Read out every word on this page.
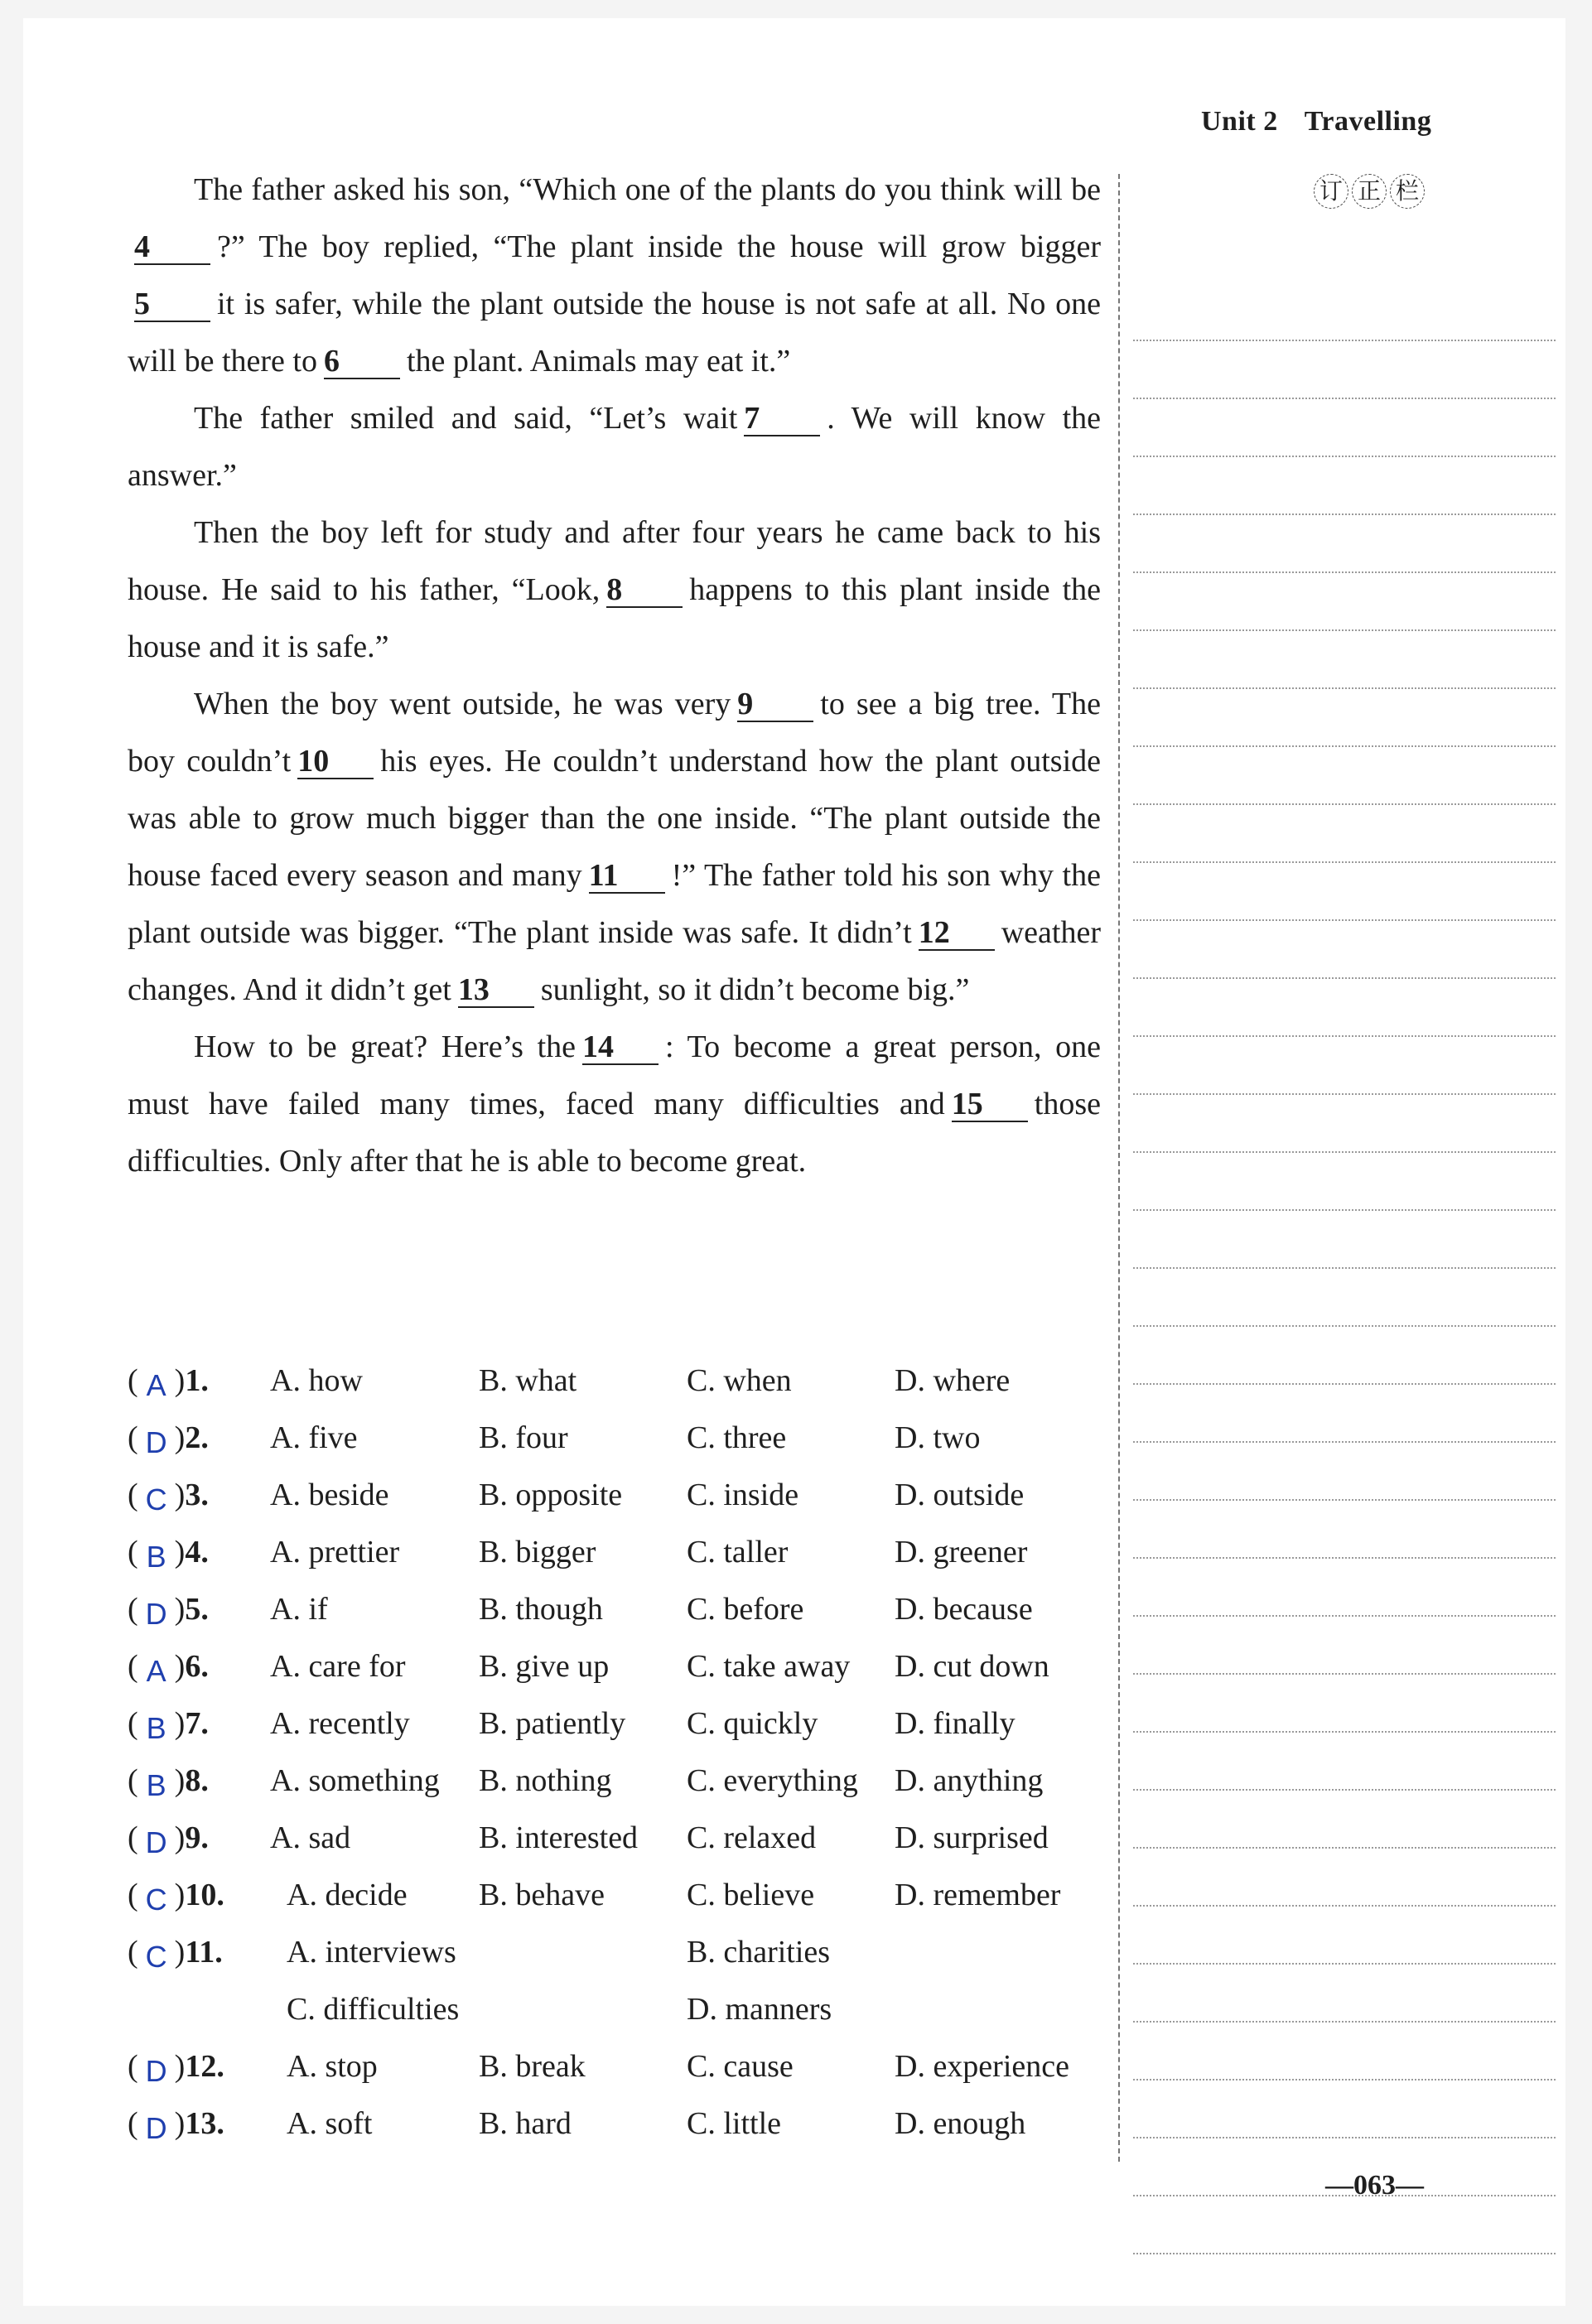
Unit 2 Travelling
订 正 栏

The father asked his son, “Which one of the plants do you think will be4 ?” The boy replied, “The plant inside the house will grow bigger5 it is safer, while the plant outside the house is not safe at all. No one will be there to 6 the plant. Animals may eat it.”

The father smiled and said, “Let’s wait 7 . We will know the answer.”

Then the boy left for study and after four years he came back to his house. He said to his father, “Look, 8 happens to this plant inside the house and it is safe.”

When the boy went outside, he was very 9 to see a big tree. The boy couldn’t 10 his eyes. He couldn’t understand how the plant outside was able to grow much bigger than the one inside. “The plant outside the house faced every season and many 11 !” The father told his son why the plant outside was bigger. “The plant inside was safe. It didn’t 12 weather changes. And it didn’t get 13 sunlight, so it didn’t become big.”

How to be great? Here’s the 14 : To become a great person, one must have failed many times, faced many difficulties and 15 those difficulties. Only after that he is able to become great.

( A )1. A. how	B. what	C. when	D. where
( D )2. A. five	B. four	C. three	D. two
( C )3. A. beside	B. opposite C. inside	D. outside
( B )4. A. prettier	B. bigger	C. taller	D. greener
( D )5. A. if	B. though	C. before	D. because
( A )6. A. care for B. give up C. take away D. cut down
( B )7. A. recently B. patiently C. quickly D. finally
( B )8. A. something B. nothing C. everything D. anything
( D )9. A. sad	B. interested C. relaxed D. surprised
( C )10. A. decide B. behave	C. believe	D. remember
( C )11. A. interviews	B. charities
C. difficulties	D. manners
( D )12. A. stop	B. break	C. cause	D. experience
( D )13. A. soft	B. hard	C. little	D. enough
—063—
